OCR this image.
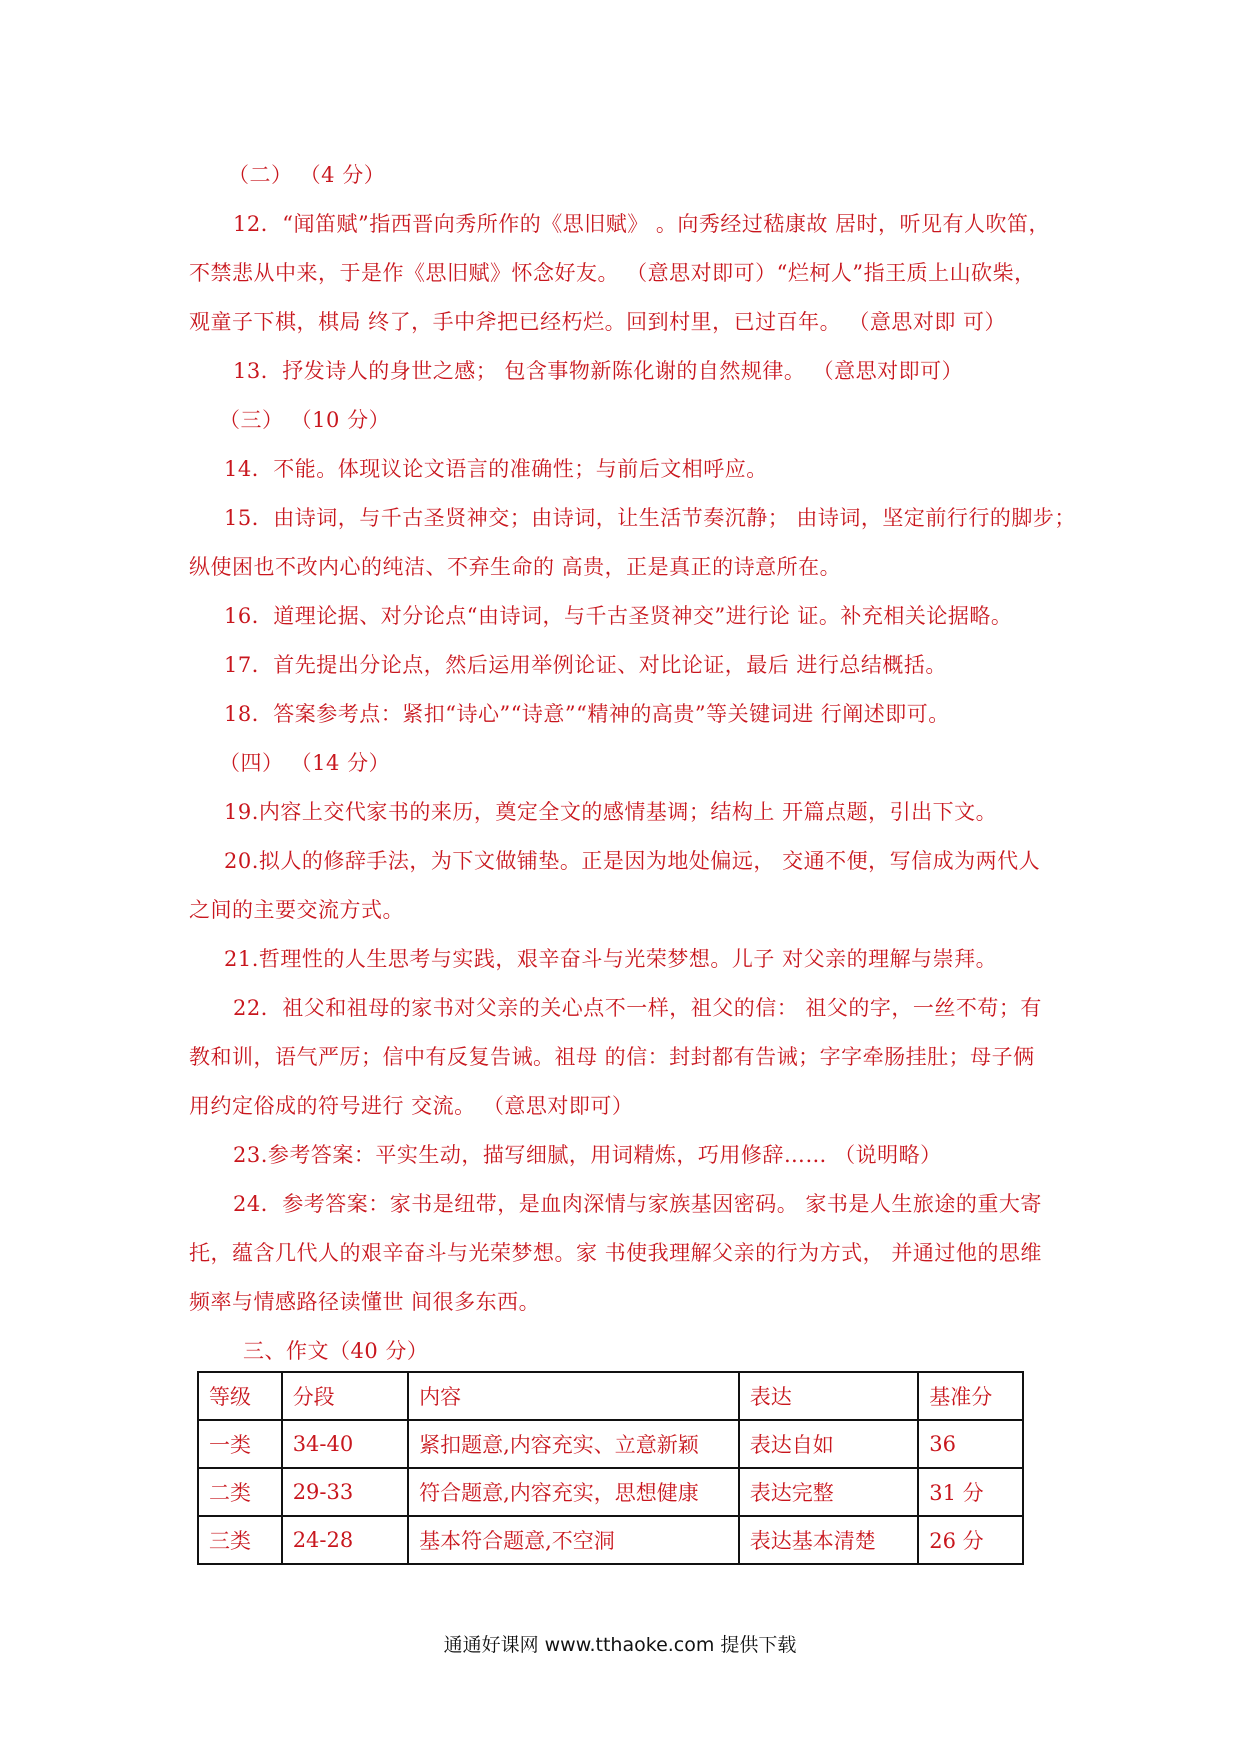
（二） （4 分）
12．“闻笛赋”指西晋向秀所作的《思旧赋》 。向秀经过嵇康故 居时，听见有人吹笛，
不禁悲从中来，于是作《思旧赋》怀念好友。 （意思对即可）“烂柯人”指王质上山砍柴，
观童子下棋，棋局 终了，手中斧把已经朽烂。回到村里，已过百年。 （意思对即 可）
13．抒发诗人的身世之感； 包含事物新陈化谢的自然规律。 （意思对即可）
（三） （10 分）
14．不能。体现议论文语言的准确性；与前后文相呼应。
15．由诗词，与千古圣贤神交；由诗词，让生活节奏沉静； 由诗词，坚定前行行的脚步；
纵使困也不改内心的纯洁、不弃生命的 高贵，正是真正的诗意所在。
16．道理论据、对分论点“由诗词，与千古圣贤神交”进行论 证。补充相关论据略。
17．首先提出分论点，然后运用举例论证、对比论证，最后 进行总结概括。
18．答案参考点：紧扣“诗心”“诗意”“精神的高贵”等关键词进 行阐述即可。
（四） （14 分）
19.内容上交代家书的来历，奠定全文的感情基调；结构上 开篇点题，引出下文。
20.拟人的修辞手法，为下文做铺垫。正是因为地处偏远， 交通不便，写信成为两代人
之间的主要交流方式。
21.哲理性的人生思考与实践，艰辛奋斗与光荣梦想。儿子 对父亲的理解与崇拜。
22．祖父和祖母的家书对父亲的关心点不一样，祖父的信： 祖父的字，一丝不苟；有
教和训，语气严厉；信中有反复告诫。祖母 的信：封封都有告诫；字字牵肠挂肚；母子俩
用约定俗成的符号进行 交流。 （意思对即可）
23.参考答案：平实生动，描写细腻，用词精炼，巧用修辞…… （说明略）
24．参考答案：家书是纽带，是血肉深情与家族基因密码。 家书是人生旅途的重大寄
托，蕴含几代人的艰辛奋斗与光荣梦想。家 书使我理解父亲的行为方式， 并通过他的思维
频率与情感路径读懂世 间很多东西。
三、作文（40 分）
等级	分段	内容	表达	基准分
一类	34-40	紧扣题意,内容充实、立意新颖	表达自如	36
二类	29-33	符合题意,内容充实，思想健康	表达完整	31 分
三类	24-28	基本符合题意,不空洞	表达基本清楚	26 分
通通好课网 www.tthaoke.com 提供下载
